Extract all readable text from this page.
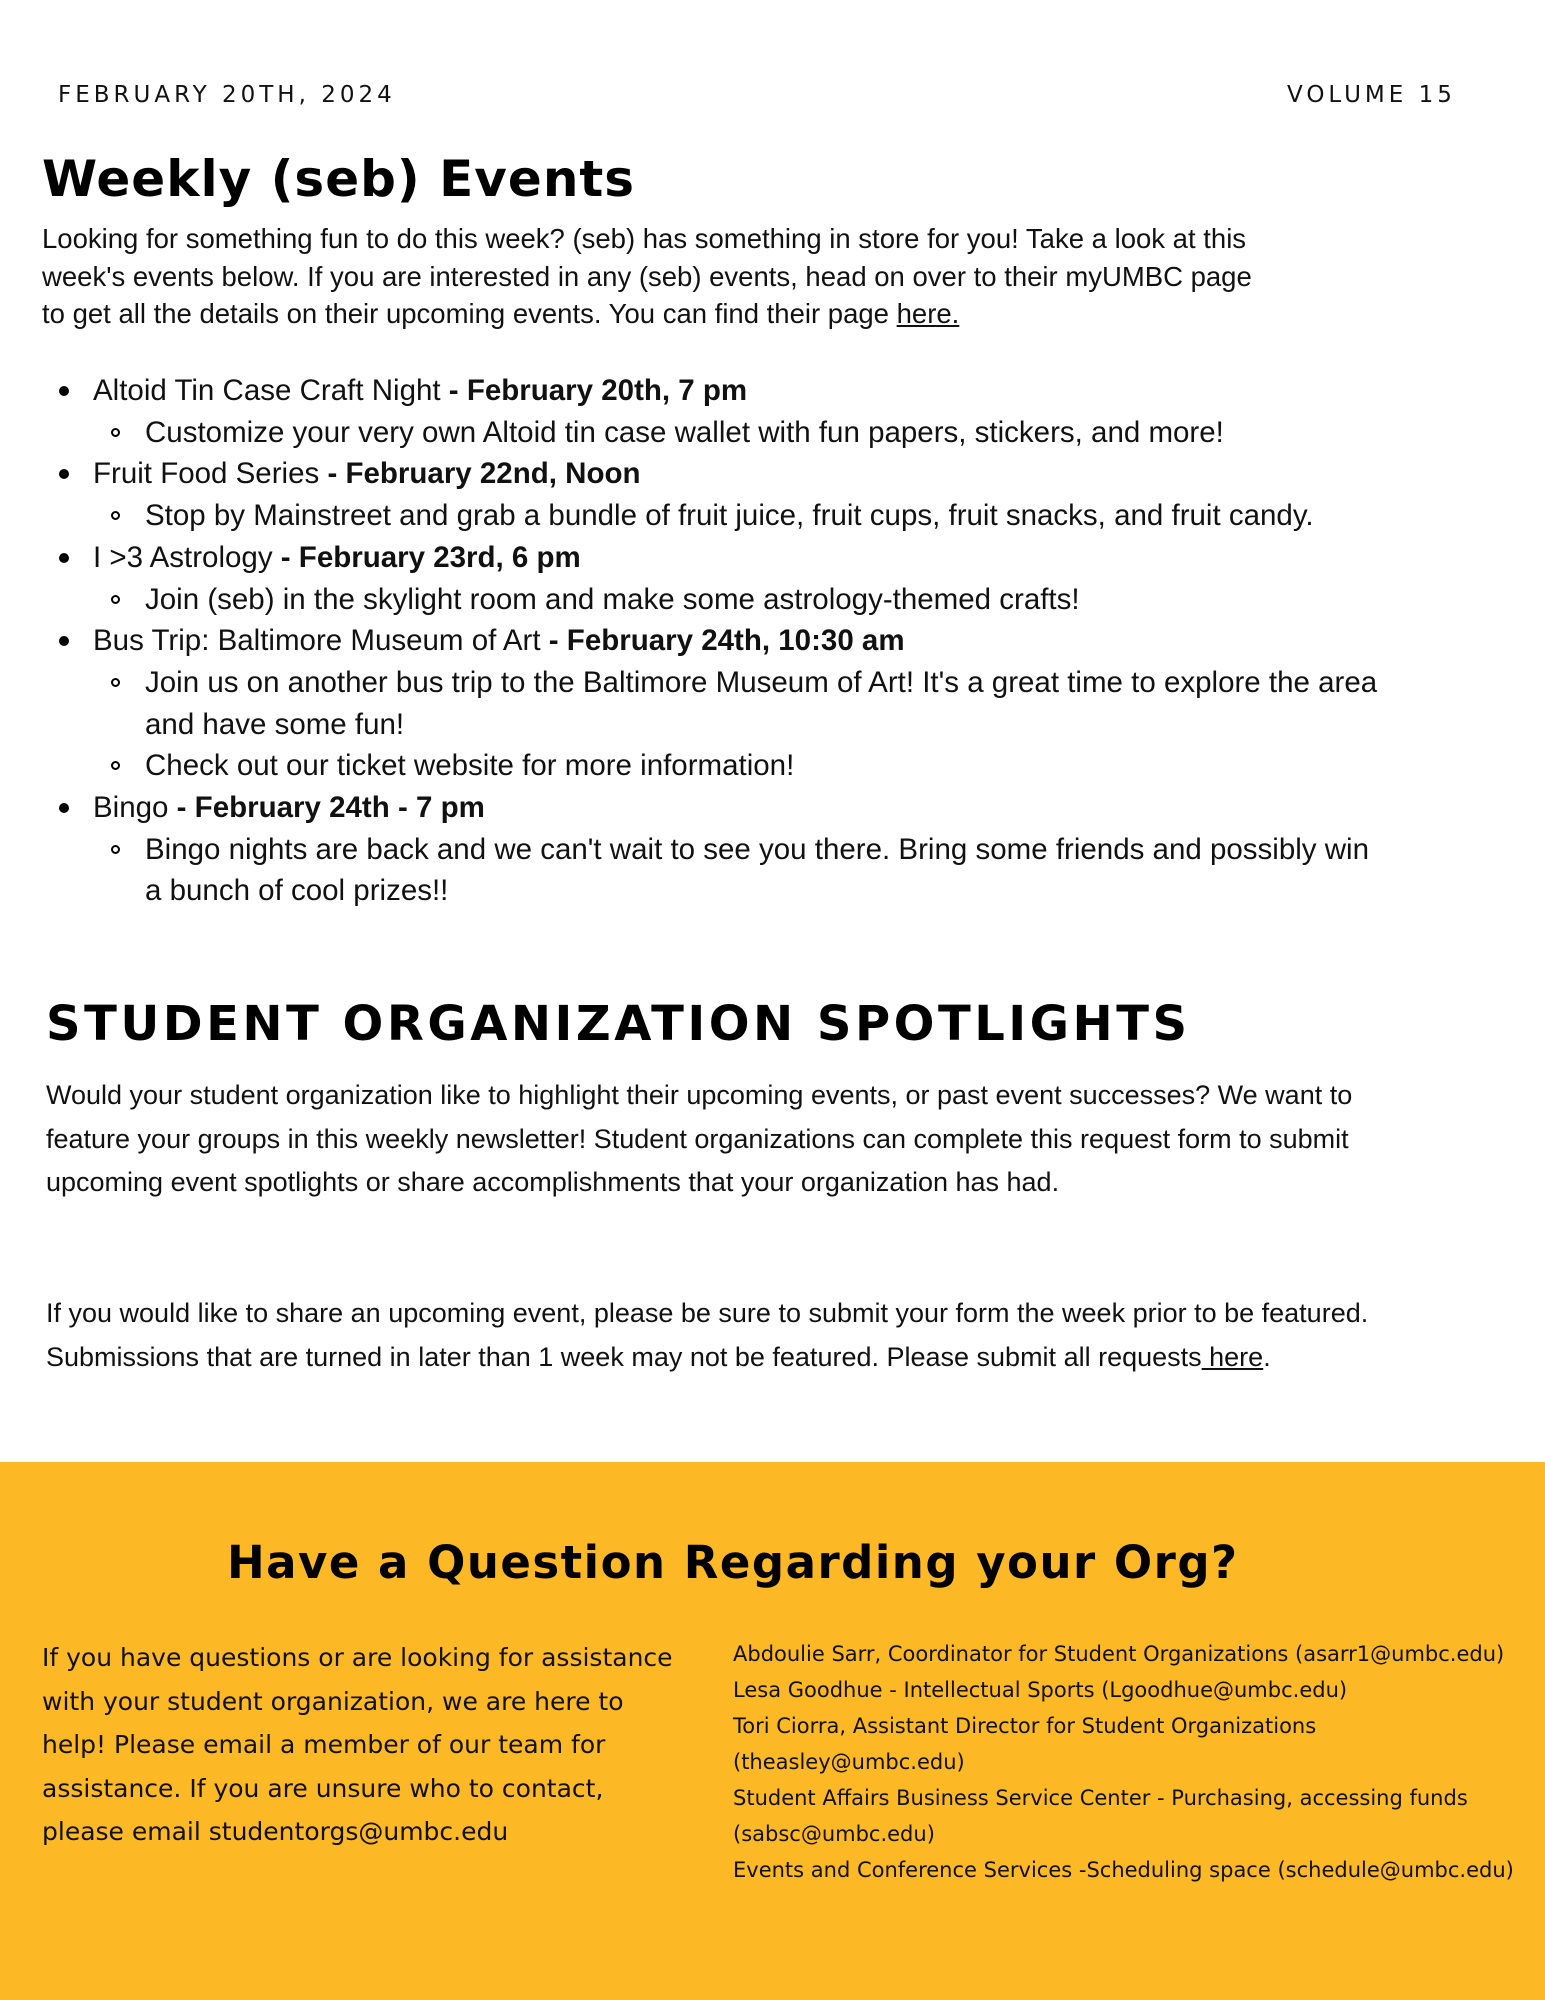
FEBRUARY 20TH, 2024	VOLUME 15
Weekly (seb) Events

Looking for something fun to do this week? (seb) has something in store for you! Take a look at this week's events below. If you are interested in any (seb) events, head on over to their myUMBC page to get all the details on their upcoming events. You can find their page here.

Altoid Tin Case Craft Night - February 20th, 7 pm
Customize your very own Altoid tin case wallet with fun papers, stickers, and more!
Fruit Food Series - February 22nd, Noon
Stop by Mainstreet and grab a bundle of fruit juice, fruit cups, fruit snacks, and fruit candy.
I >3 Astrology - February 23rd, 6 pm
Join (seb) in the skylight room and make some astrology-themed crafts!
Bus Trip: Baltimore Museum of Art - February 24th, 10:30 am
Join us on another bus trip to the Baltimore Museum of Art! It's a great time to explore the area and have some fun!
Check out our ticket website for more information!
Bingo - February 24th - 7 pm
Bingo nights are back and we can't wait to see you there. Bring some friends and possibly win a bunch of cool prizes!!
STUDENT ORGANIZATION SPOTLIGHTS

Would your student organization like to highlight their upcoming events, or past event successes? We want to feature your groups in this weekly newsletter! Student organizations can complete this request form to submit upcoming event spotlights or share accomplishments that your organization has had.

If you would like to share an upcoming event, please be sure to submit your form the week prior to be featured. Submissions that are turned in later than 1 week may not be featured. Please submit all requests here.

Have a Question Regarding your Org?

If you have questions or are looking for assistance with your student organization, we are here to help! Please email a member of our team for assistance. If you are unsure who to contact, please email studentorgs@umbc.edu

Abdoulie Sarr, Coordinator for Student Organizations (asarr1@umbc.edu)
Lesa Goodhue - Intellectual Sports (Lgoodhue@umbc.edu)
Tori Ciorra, Assistant Director for Student Organizations (theasley@umbc.edu)
Student Affairs Business Service Center - Purchasing, accessing funds (sabsc@umbc.edu)
Events and Conference Services -Scheduling space (schedule@umbc.edu)
